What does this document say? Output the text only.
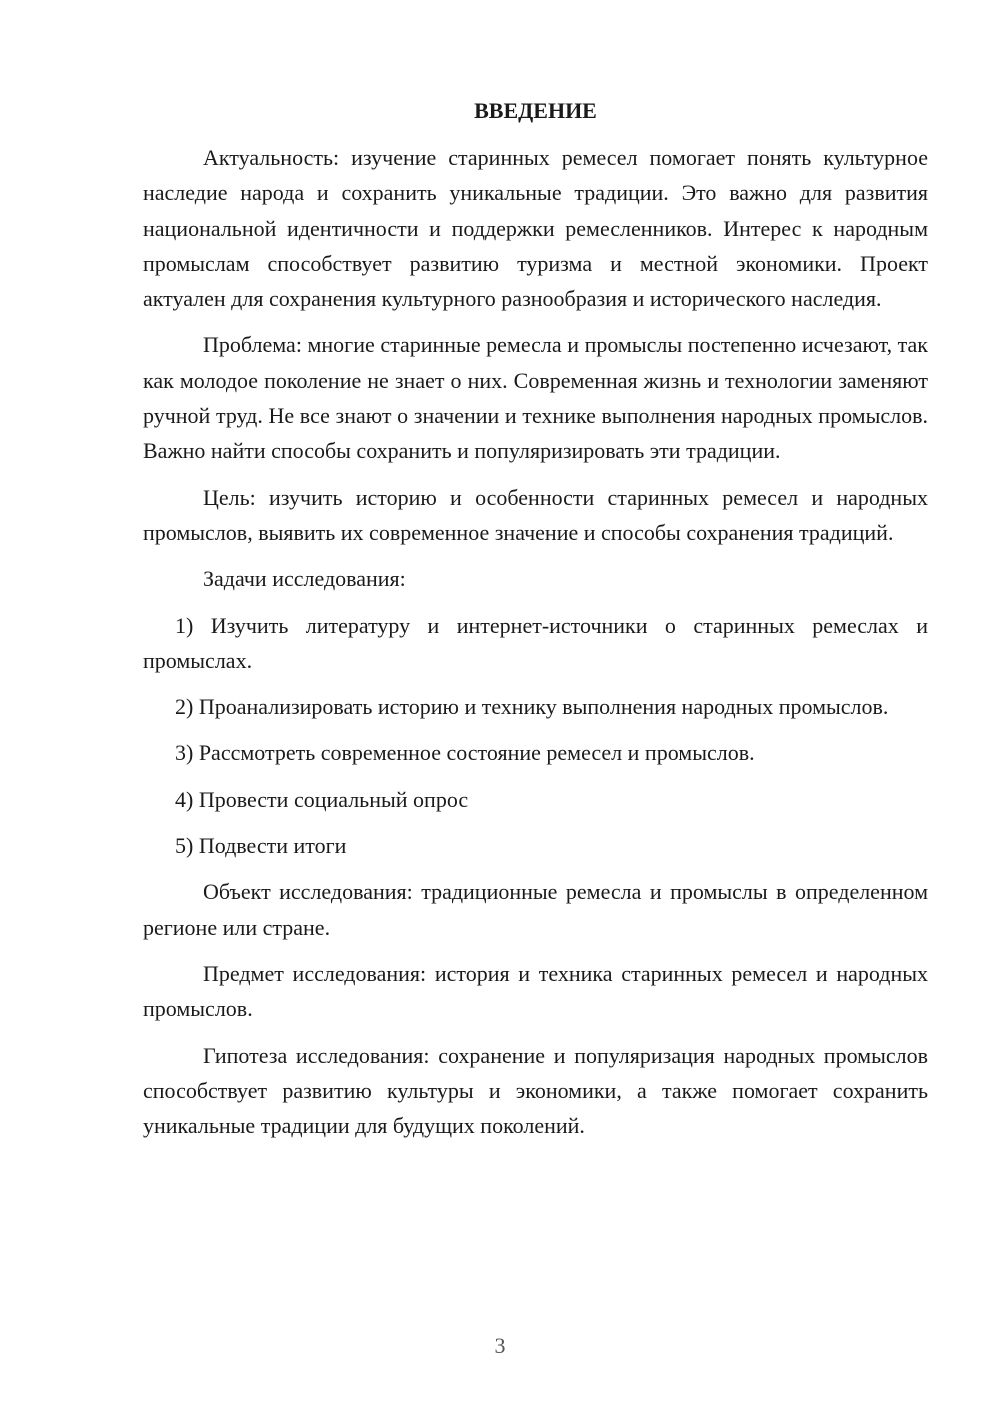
ВВЕДЕНИЕ

Актуальность: изучение старинных ремесел помогает понять культурное наследие народа и сохранить уникальные традиции. Это важно для развития национальной идентичности и поддержки ремесленников. Интерес к народным промыслам способствует развитию туризма и местной экономики. Проект актуален для сохранения культурного разнообразия и исторического наследия.

Проблема: многие старинные ремесла и промыслы постепенно исчезают, так как молодое поколение не знает о них. Современная жизнь и технологии заменяют ручной труд. Не все знают о значении и технике выполнения народных промыслов. Важно найти способы сохранить и популяризировать эти традиции.

Цель: изучить историю и особенности старинных ремесел и народных промыслов, выявить их современное значение и способы сохранения традиций.

Задачи исследования:

1) Изучить литературу и интернет-источники о старинных ремеслах и промыслах.

2) Проанализировать историю и технику выполнения народных промыслов.

3) Рассмотреть современное состояние ремесел и промыслов.

4) Провести социальный опрос

5) Подвести итоги

Объект исследования: традиционные ремесла и промыслы в определенном регионе или стране.

Предмет исследования: история и техника старинных ремесел и народных промыслов.

Гипотеза исследования: сохранение и популяризация народных промыслов способствует развитию культуры и экономики, а также помогает сохранить уникальные традиции для будущих поколений.

3
